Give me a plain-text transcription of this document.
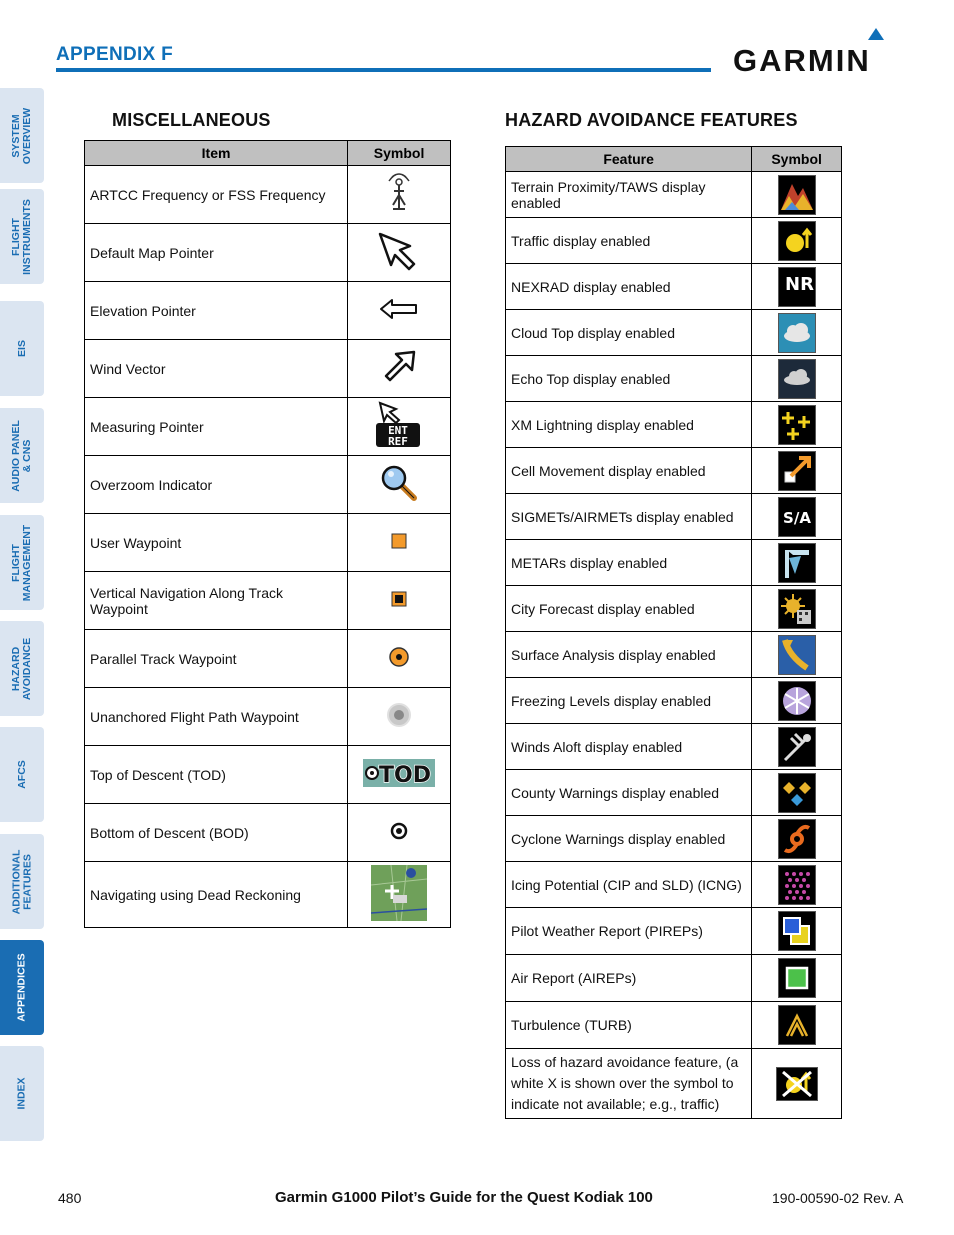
APPENDIX F	GARMIN
SYSTEM
OVERVIEW
FLIGHT
INSTRUMENTS
EIS
AUDIO PANEL
& CNS
FLIGHT
MANAGEMENT
HAZARD
AVOIDANCE
AFCS
ADDITIONAL
FEATURES
APPENDICES
INDEX
MISCELLANEOUS
Item	Symbol
ARTCC Frequency or FSS Frequency	
Default Map Pointer	
Elevation Pointer	
Wind Vector	
Measuring Pointer	ENT
REF

Overzoom Indicator	
User Waypoint	
Vertical Navigation Along Track Waypoint	
Parallel Track Waypoint	
Unanchored Flight Path Waypoint	
Top of Descent (TOD)	TOD

Bottom of Descent (BOD)	
Navigating using Dead Reckoning	
HAZARD AVOIDANCE FEATURES
Feature	Symbol
Terrain Proximity/TAWS display enabled	

Traffic display enabled	

NEXRAD display enabled	NR

Cloud Top display enabled	

Echo Top display enabled	

XM Lightning display enabled	

Cell Movement display enabled	

SIGMETs/AIRMETs display enabled	S/A

METARs display enabled	

City Forecast display enabled	

Surface Analysis display enabled	

Freezing Levels display enabled	

Winds Aloft display enabled	

County Warnings display enabled	

Cyclone Warnings display enabled	

Icing Potential (CIP and SLD) (ICNG)	

Pilot Weather Report (PIREPs)	

Air Report (AIREPs)	

Turbulence (TURB)	

Loss of hazard avoidance feature, (a white X is shown over the symbol to indicate not available; e.g., traffic)	
480	Garmin G1000 Pilot’s Guide for the Quest Kodiak 100	190-00590-02 Rev. A
